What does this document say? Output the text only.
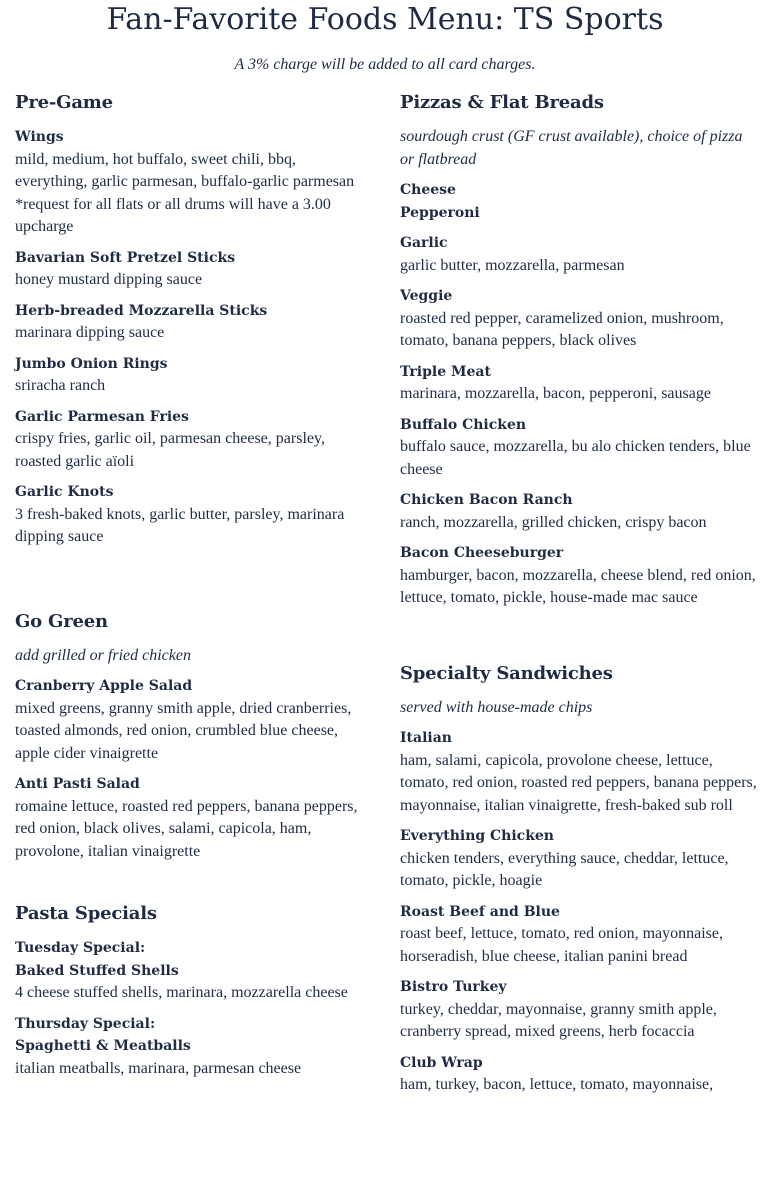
Fan-Favorite Foods Menu: TS Sports
A 3% charge will be added to all card charges.
Pre-Game
Wings
mild, medium, hot buffalo, sweet chili, bbq, everything, garlic parmesan, buffalo-garlic parmesan *request for all flats or all drums will have a 3.00 upcharge
Bavarian Soft Pretzel Sticks
honey mustard dipping sauce
Herb-breaded Mozzarella Sticks
marinara dipping sauce
Jumbo Onion Rings
sriracha ranch
Garlic Parmesan Fries
crispy fries, garlic oil, parmesan cheese, parsley, roasted garlic aïoli
Garlic Knots
3 fresh-baked knots, garlic butter, parsley, marinara dipping sauce
Go Green
add grilled or fried chicken
Cranberry Apple Salad
mixed greens, granny smith apple, dried cranberries, toasted almonds, red onion, crumbled blue cheese, apple cider vinaigrette
Anti Pasti Salad
romaine lettuce, roasted red peppers, banana peppers, red onion, black olives, salami, capicola, ham, provolone, italian vinaigrette
Pasta Specials
Tuesday Special:
Baked Stuffed Shells
4 cheese stuffed shells, marinara, mozzarella cheese
Thursday Special:
Spaghetti & Meatballs
italian meatballs, marinara, parmesan cheese
Pizzas & Flat Breads
sourdough crust (GF crust available), choice of pizza or flatbread
Cheese
Pepperoni
Garlic
garlic butter, mozzarella, parmesan
Veggie
roasted red pepper, caramelized onion, mushroom, tomato, banana peppers, black olives
Triple Meat
marinara, mozzarella, bacon, pepperoni, sausage
Buffalo Chicken
buffalo sauce, mozzarella, bu alo chicken tenders, blue cheese
Chicken Bacon Ranch
ranch, mozzarella, grilled chicken, crispy bacon
Bacon Cheeseburger
hamburger, bacon, mozzarella, cheese blend, red onion, lettuce, tomato, pickle, house-made mac sauce
Specialty Sandwiches
served with house-made chips
Italian
ham, salami, capicola, provolone cheese, lettuce, tomato, red onion, roasted red peppers, banana peppers, mayonnaise, italian vinaigrette, fresh-baked sub roll
Everything Chicken
chicken tenders, everything sauce, cheddar, lettuce, tomato, pickle, hoagie
Roast Beef and Blue
roast beef, lettuce, tomato, red onion, mayonnaise, horseradish, blue cheese, italian panini bread
Bistro Turkey
turkey, cheddar, mayonnaise, granny smith apple, cranberry spread, mixed greens, herb focaccia
Club Wrap
ham, turkey, bacon, lettuce, tomato, mayonnaise,
